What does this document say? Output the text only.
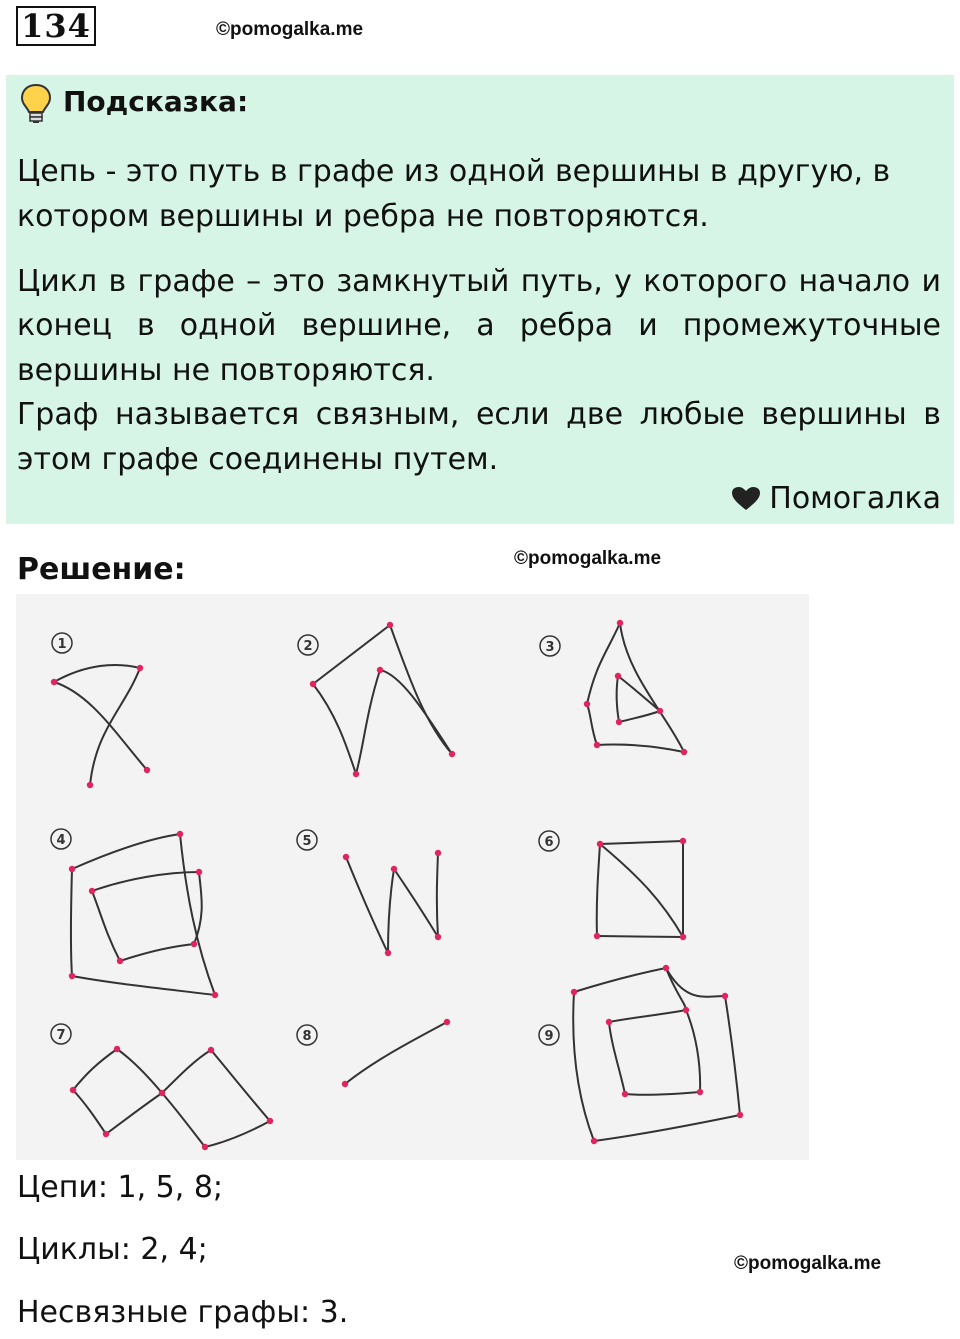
134	©pomogalka.me
Подсказка:
Цепь - это путь в графе из одной вершины в другую, в
котором вершины и ребра не повторяются.
Цикл в графе – это замкнутый путь, у которого начало и
конец в одной вершине, а ребра и промежуточные
вершины не повторяются.
Граф называется связным, если две любые вершины в
этом графе соединены путем.
Помогалка
Решение:	©pomogalka.me
1	2	3
4	5	6
7	8	9
Цепи: 1, 5, 8;
Циклы: 2, 4;	©pomogalka.me
Несвязные графы: 3.
